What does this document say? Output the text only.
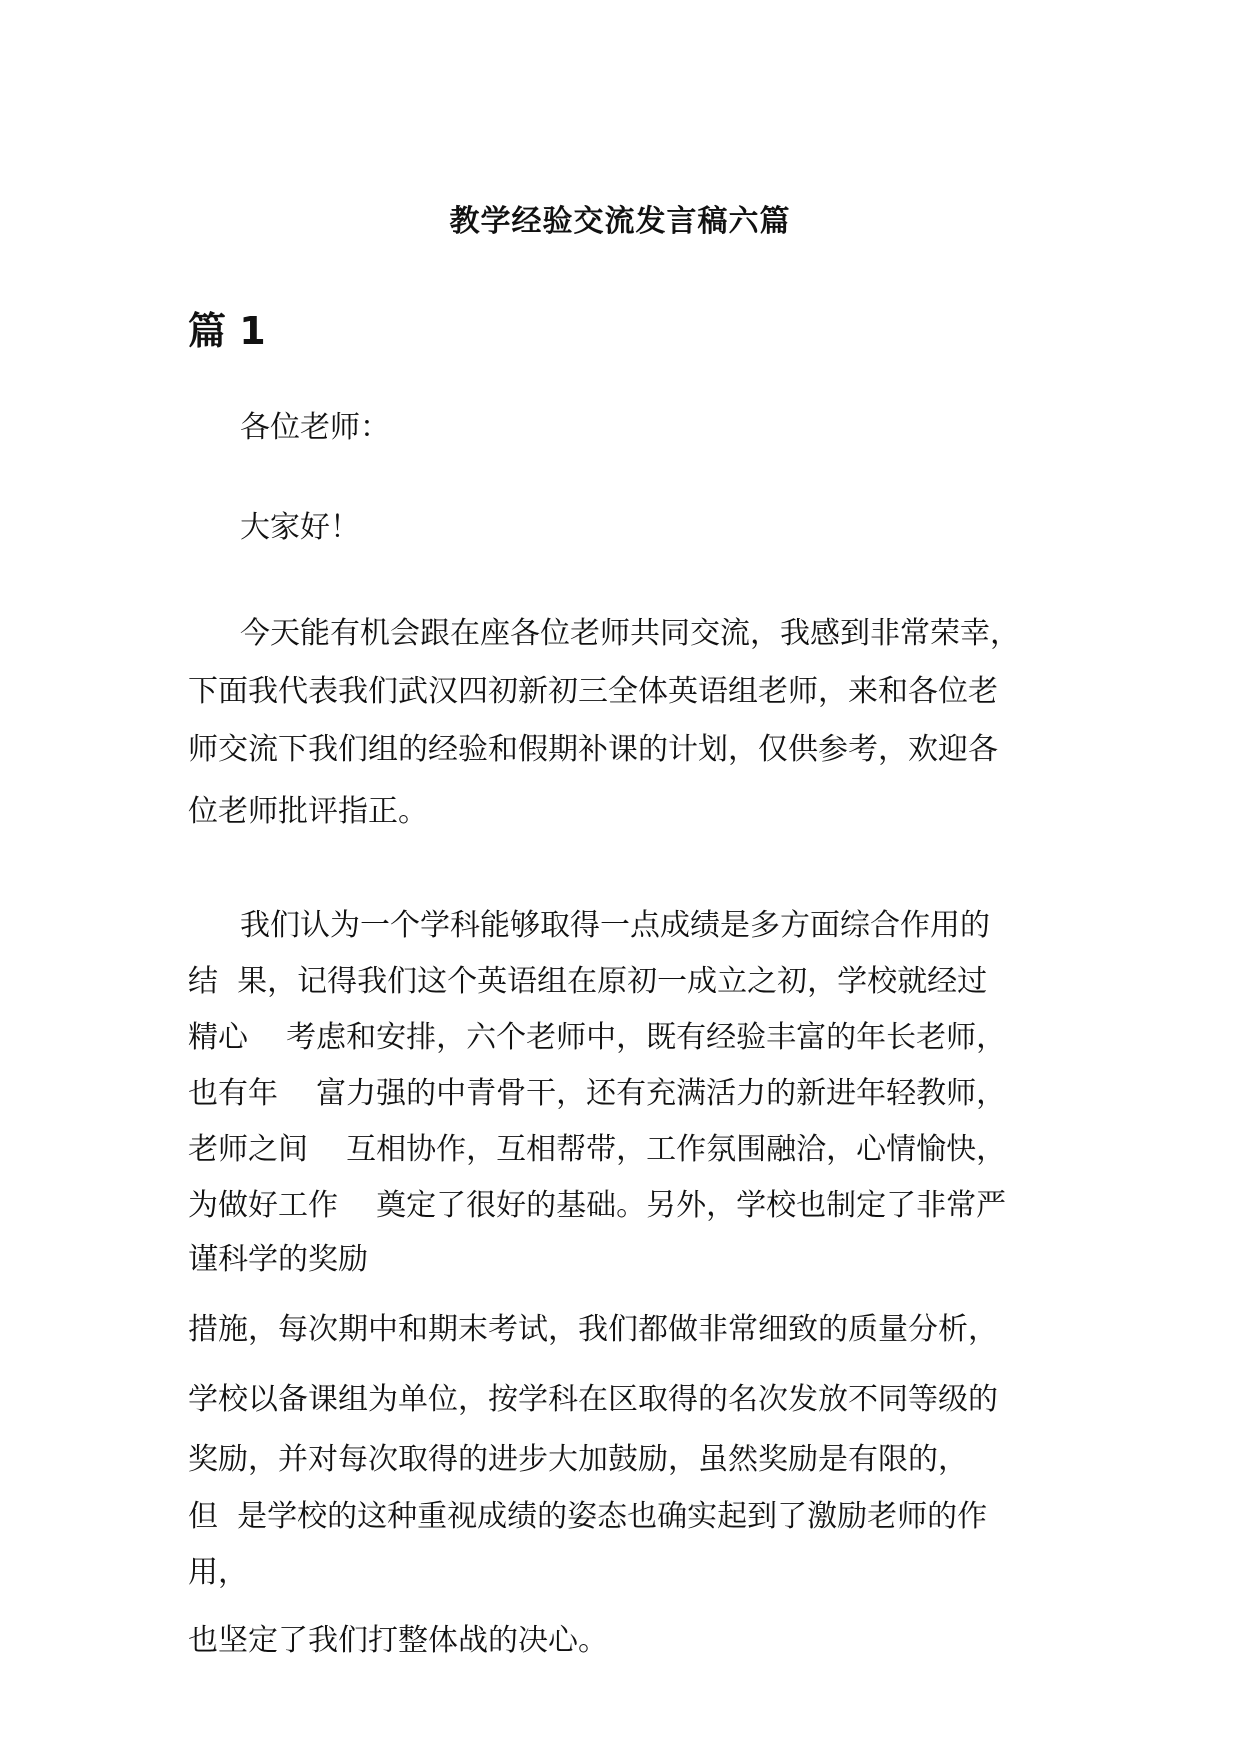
教学经验交流发言稿六篇
篇 1
各位老师：
大家好！
今天能有机会跟在座各位老师共同交流，我感到非常荣幸，
下面我代表我们武汉四初新初三全体英语组老师，来和各位老
师交流下我们组的经验和假期补课的计划，仅供参考，欢迎各
位老师批评指正。
我们认为一个学科能够取得一点成绩是多方面综合作用的
结  果，记得我们这个英语组在原初一成立之初，学校就经过
精心    考虑和安排，六个老师中，既有经验丰富的年长老师，
也有年    富力强的中青骨干，还有充满活力的新进年轻教师，
老师之间    互相协作，互相帮带，工作氛围融洽，心情愉快，
为做好工作    奠定了很好的基础。另外，学校也制定了非常严
谨科学的奖励
措施，每次期中和期末考试，我们都做非常细致的质量分析，
学校以备课组为单位，按学科在区取得的名次发放不同等级的
奖励，并对每次取得的进步大加鼓励，虽然奖励是有限的，
但  是学校的这种重视成绩的姿态也确实起到了激励老师的作
用，
也坚定了我们打整体战的决心。
